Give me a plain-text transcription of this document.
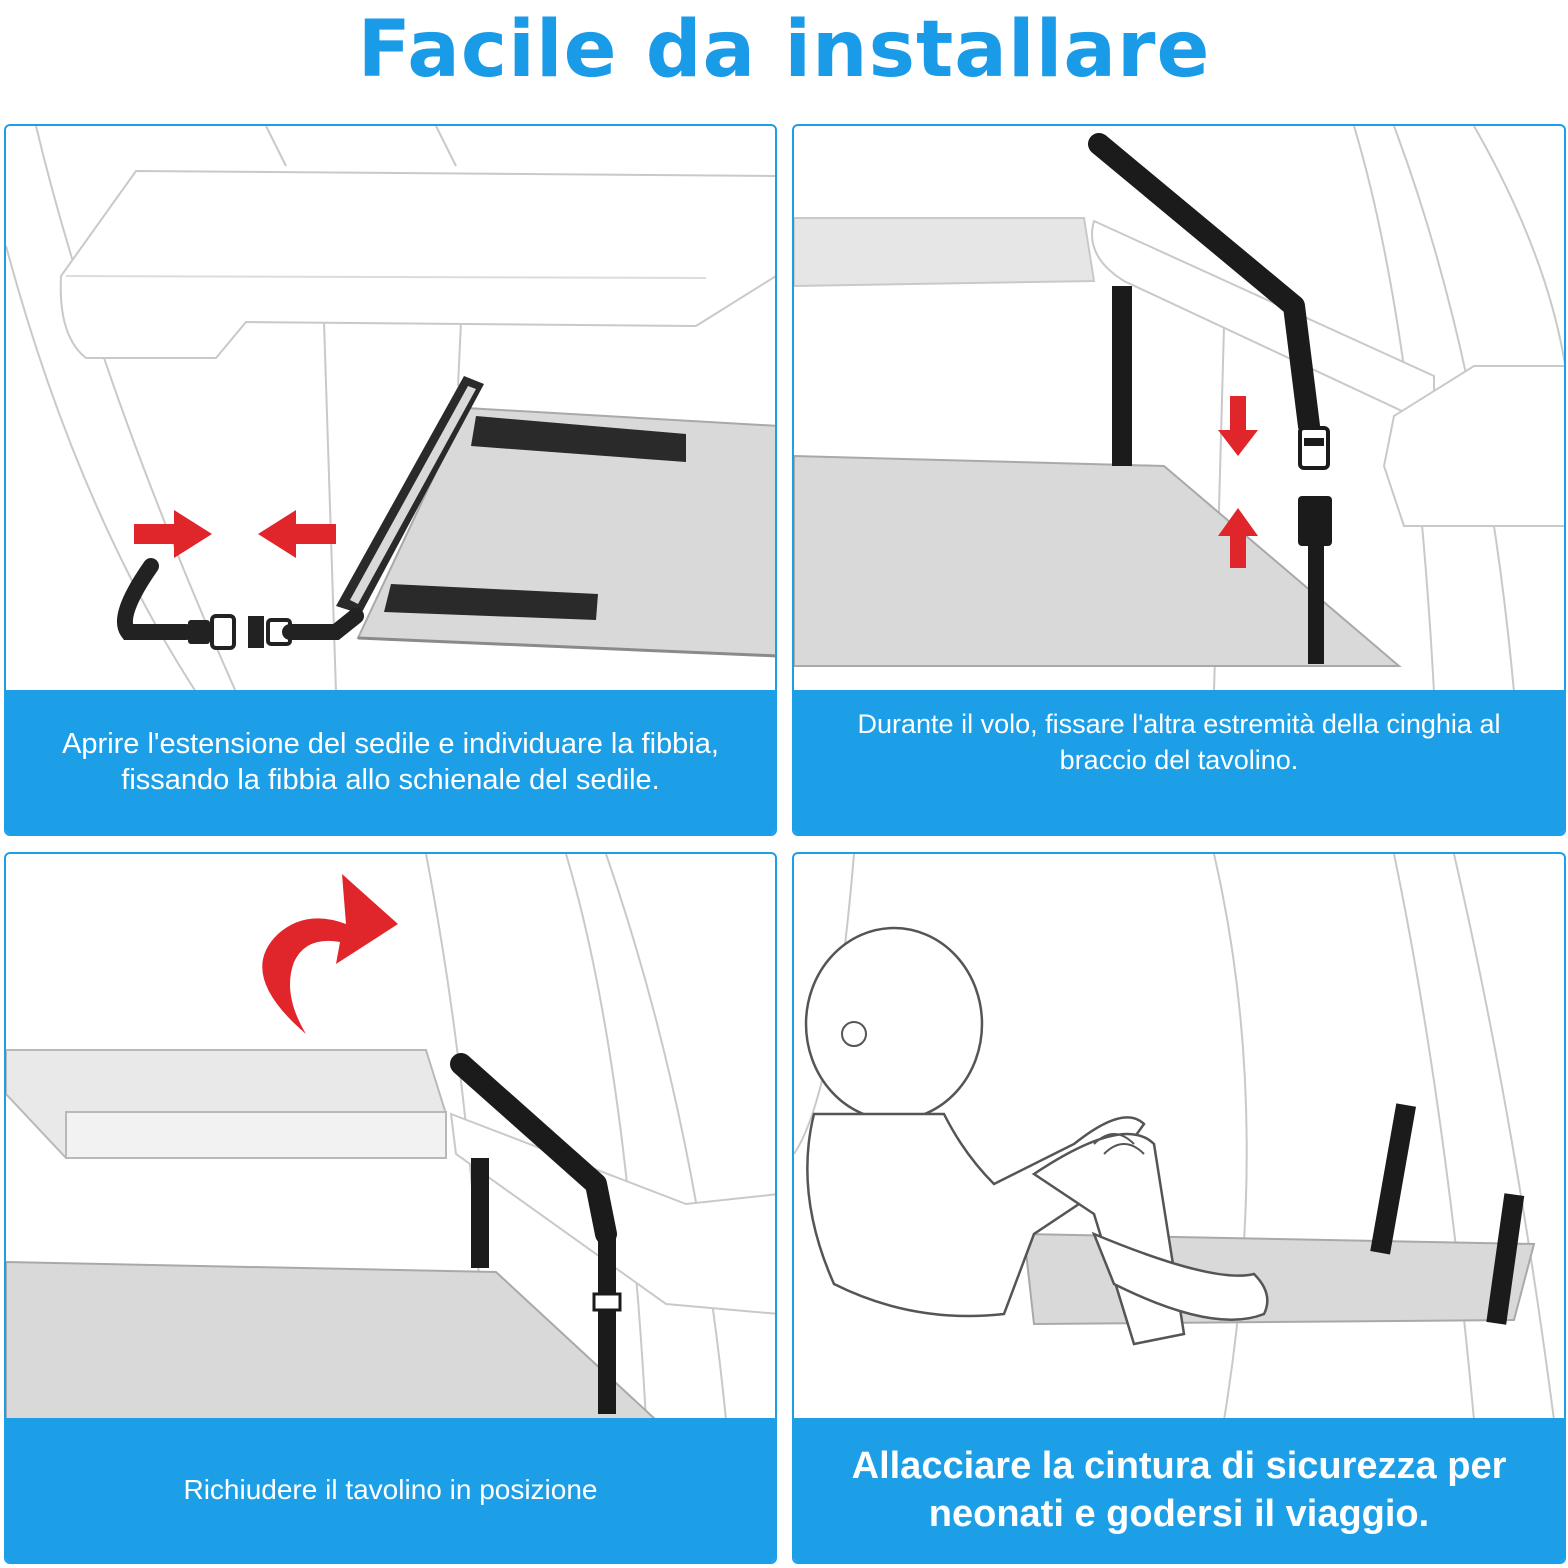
Facile da installare
Aprire l'estensione del sedile e individuare la fibbia, fissando la fibbia allo schienale del sedile.
Durante il volo, fissare l'altra estremità della cinghia al braccio del tavolino.
Richiudere il tavolino in posizione
Allacciare la cintura di sicurezza per neonati e godersi il viaggio.
